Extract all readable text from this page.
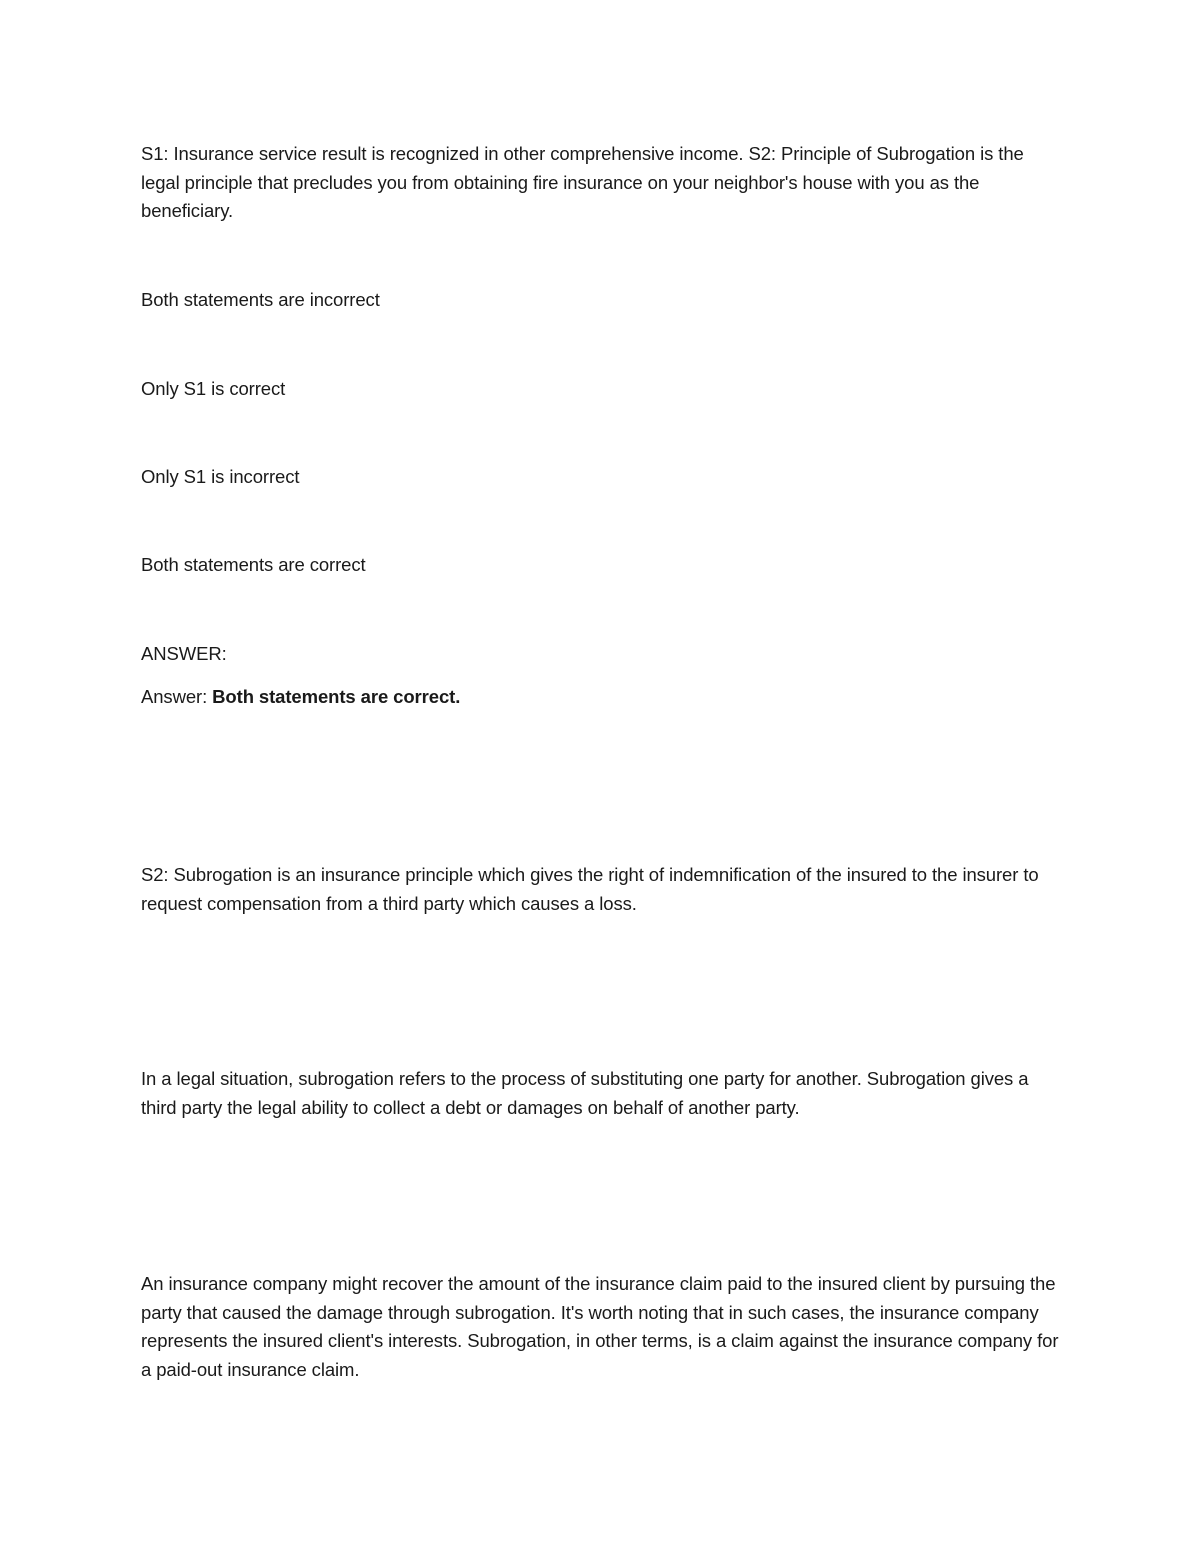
S1: Insurance service result is recognized in other comprehensive income. S2: Principle of Subrogation is the legal principle that precludes you from obtaining fire insurance on your neighbor's house with you as the beneficiary.

Both statements are incorrect

Only S1 is correct

Only S1 is incorrect

Both statements are correct

ANSWER:

Answer: Both statements are correct.

S2: Subrogation is an insurance principle which gives the right of indemnification of the insured to the insurer to request compensation from a third party which causes a loss.

In a legal situation, subrogation refers to the process of substituting one party for another. Subrogation gives a third party the legal ability to collect a debt or damages on behalf of another party.

An insurance company might recover the amount of the insurance claim paid to the insured client by pursuing the party that caused the damage through subrogation. It's worth noting that in such cases, the insurance company represents the insured client's interests. Subrogation, in other terms, is a claim against the insurance company for a paid-out insurance claim.
